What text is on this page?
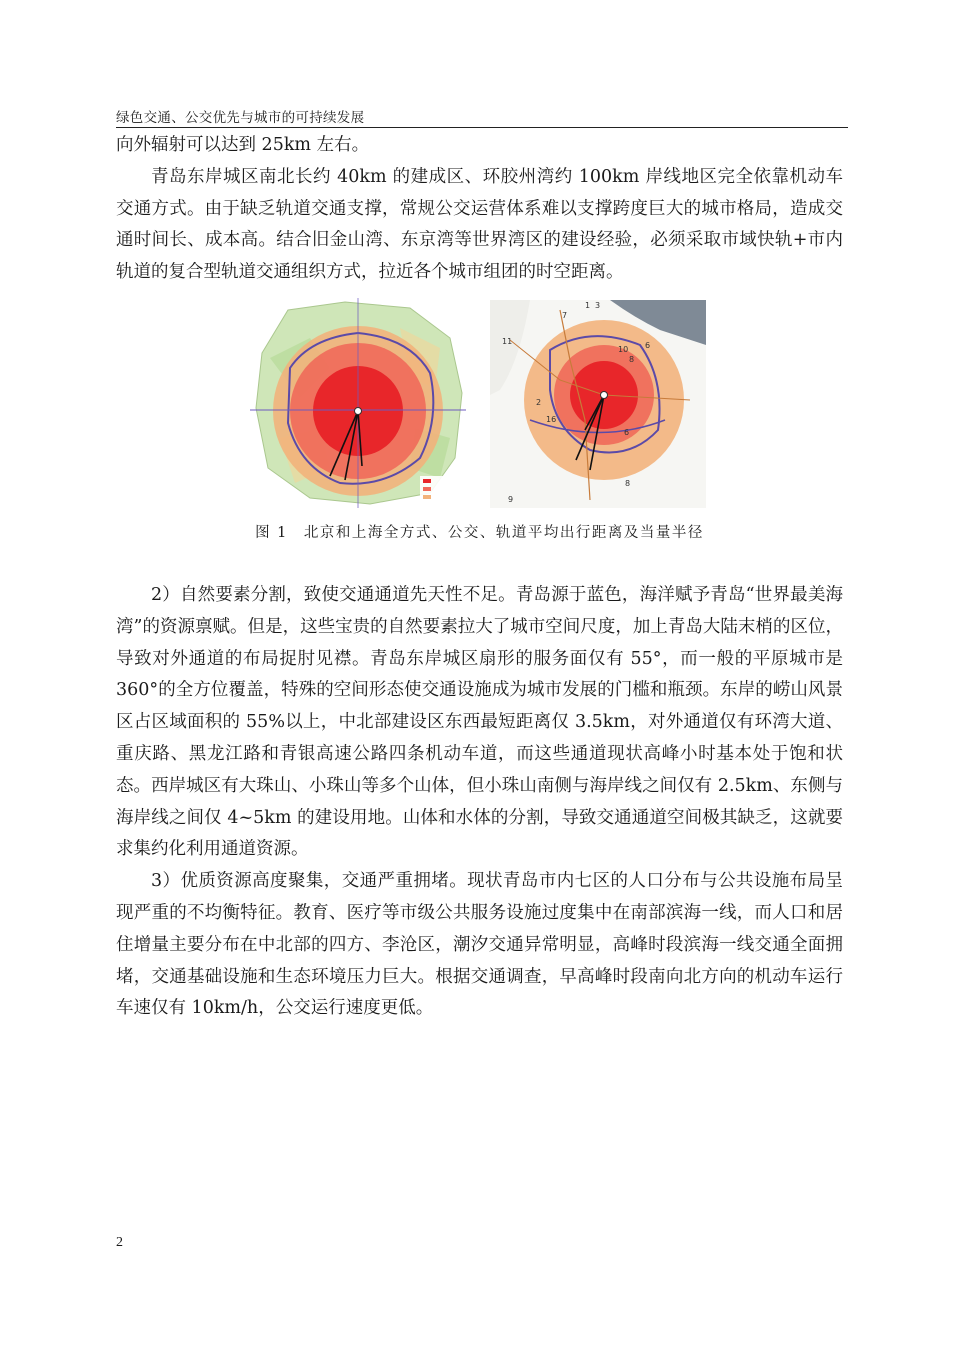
绿色交通、公交优先与城市的可持续发展

向外辐射可以达到 25km 左右。

青岛东岸城区南北长约 40km 的建成区、环胶州湾约 100km 岸线地区完全依靠机动车交通方式。由于缺乏轨道交通支撑，常规公交运营体系难以支撑跨度巨大的城市格局，造成交通时间长、成本高。结合旧金山湾、东京湾等世界湾区的建设经验，必须采取市域快轨+市内轨道的复合型轨道交通组织方式，拉近各个城市组团的时空距离。

1 3
7
11
10
8
6
2
16
9
8
6
图 1　北京和上海全方式、公交、轨道平均出行距离及当量半径

2）自然要素分割，致使交通通道先天性不足。青岛源于蓝色，海洋赋予青岛“世界最美海湾”的资源禀赋。但是，这些宝贵的自然要素拉大了城市空间尺度，加上青岛大陆末梢的区位，导致对外通道的布局捉肘见襟。青岛东岸城区扇形的服务面仅有 55°，而一般的平原城市是 360°的全方位覆盖，特殊的空间形态使交通设施成为城市发展的门槛和瓶颈。东岸的崂山风景区占区域面积的 55%以上，中北部建设区东西最短距离仅 3.5km，对外通道仅有环湾大道、重庆路、黑龙江路和青银高速公路四条机动车道，而这些通道现状高峰小时基本处于饱和状态。西岸城区有大珠山、小珠山等多个山体，但小珠山南侧与海岸线之间仅有 2.5km、东侧与海岸线之间仅 4~5km 的建设用地。山体和水体的分割，导致交通通道空间极其缺乏，这就要求集约化利用通道资源。

3）优质资源高度聚集，交通严重拥堵。现状青岛市内七区的人口分布与公共设施布局呈现严重的不均衡特征。教育、医疗等市级公共服务设施过度集中在南部滨海一线，而人口和居住增量主要分布在中北部的四方、李沧区，潮汐交通异常明显，高峰时段滨海一线交通全面拥堵，交通基础设施和生态环境压力巨大。根据交通调查，早高峰时段南向北方向的机动车运行车速仅有 10km/h，公交运行速度更低。

2
